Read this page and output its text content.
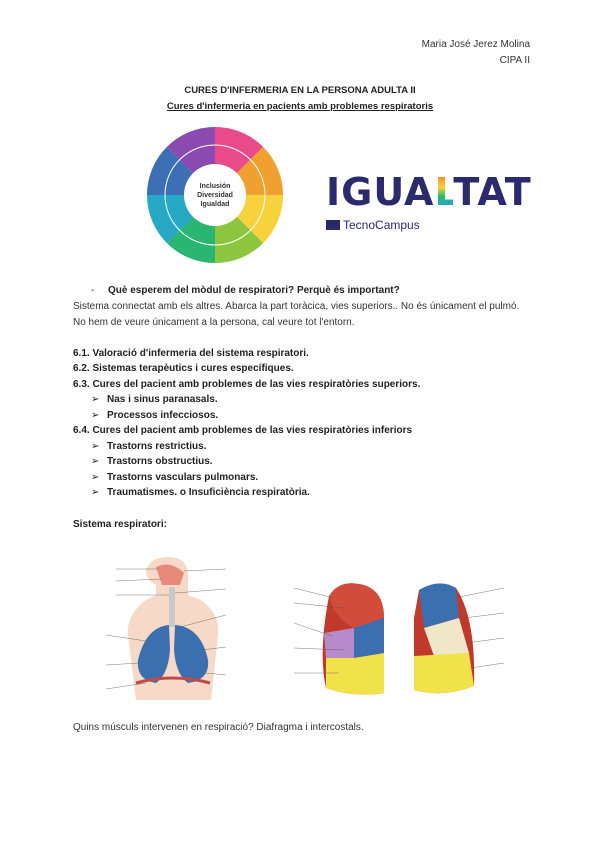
Maria José Jerez Molina
CIPA II
CURES D'INFERMERIA EN LA PERSONA ADULTA II
Cures d'infermeria en pacients amb problemes respiratoris
Inclusión
Diversidad
Igualdad	IGUALTAT
TecnoCampus
- Què esperem del mòdul de respiratori? Perquè és important?
Sistema connectat amb els altres. Abarca la part toràcica, vies superiors.. No és únicament el pulmó.
No hem de veure únicament a la persona, cal veure tot l'entorn.
6.1. Valoració d'infermeria del sistema respiratori.
6.2. Sistemas terapèutics i cures específiques.
6.3. Cures del pacient amb problemes de las vies respiratòries superiors.
➢ Nas i sinus paranasals.
➢ Processos infecciosos.
6.4. Cures del pacient amb problemes de las vies respiratòries inferiors
➢ Trastorns restrictius.
➢ Trastorns obstructius.
➢ Trastorns vasculars pulmonars.
➢ Traumatismes. o Insuficiència respiratòria.
Sistema respiratori:
Quins músculs intervenen en respiració? Diafragma i intercostals.
